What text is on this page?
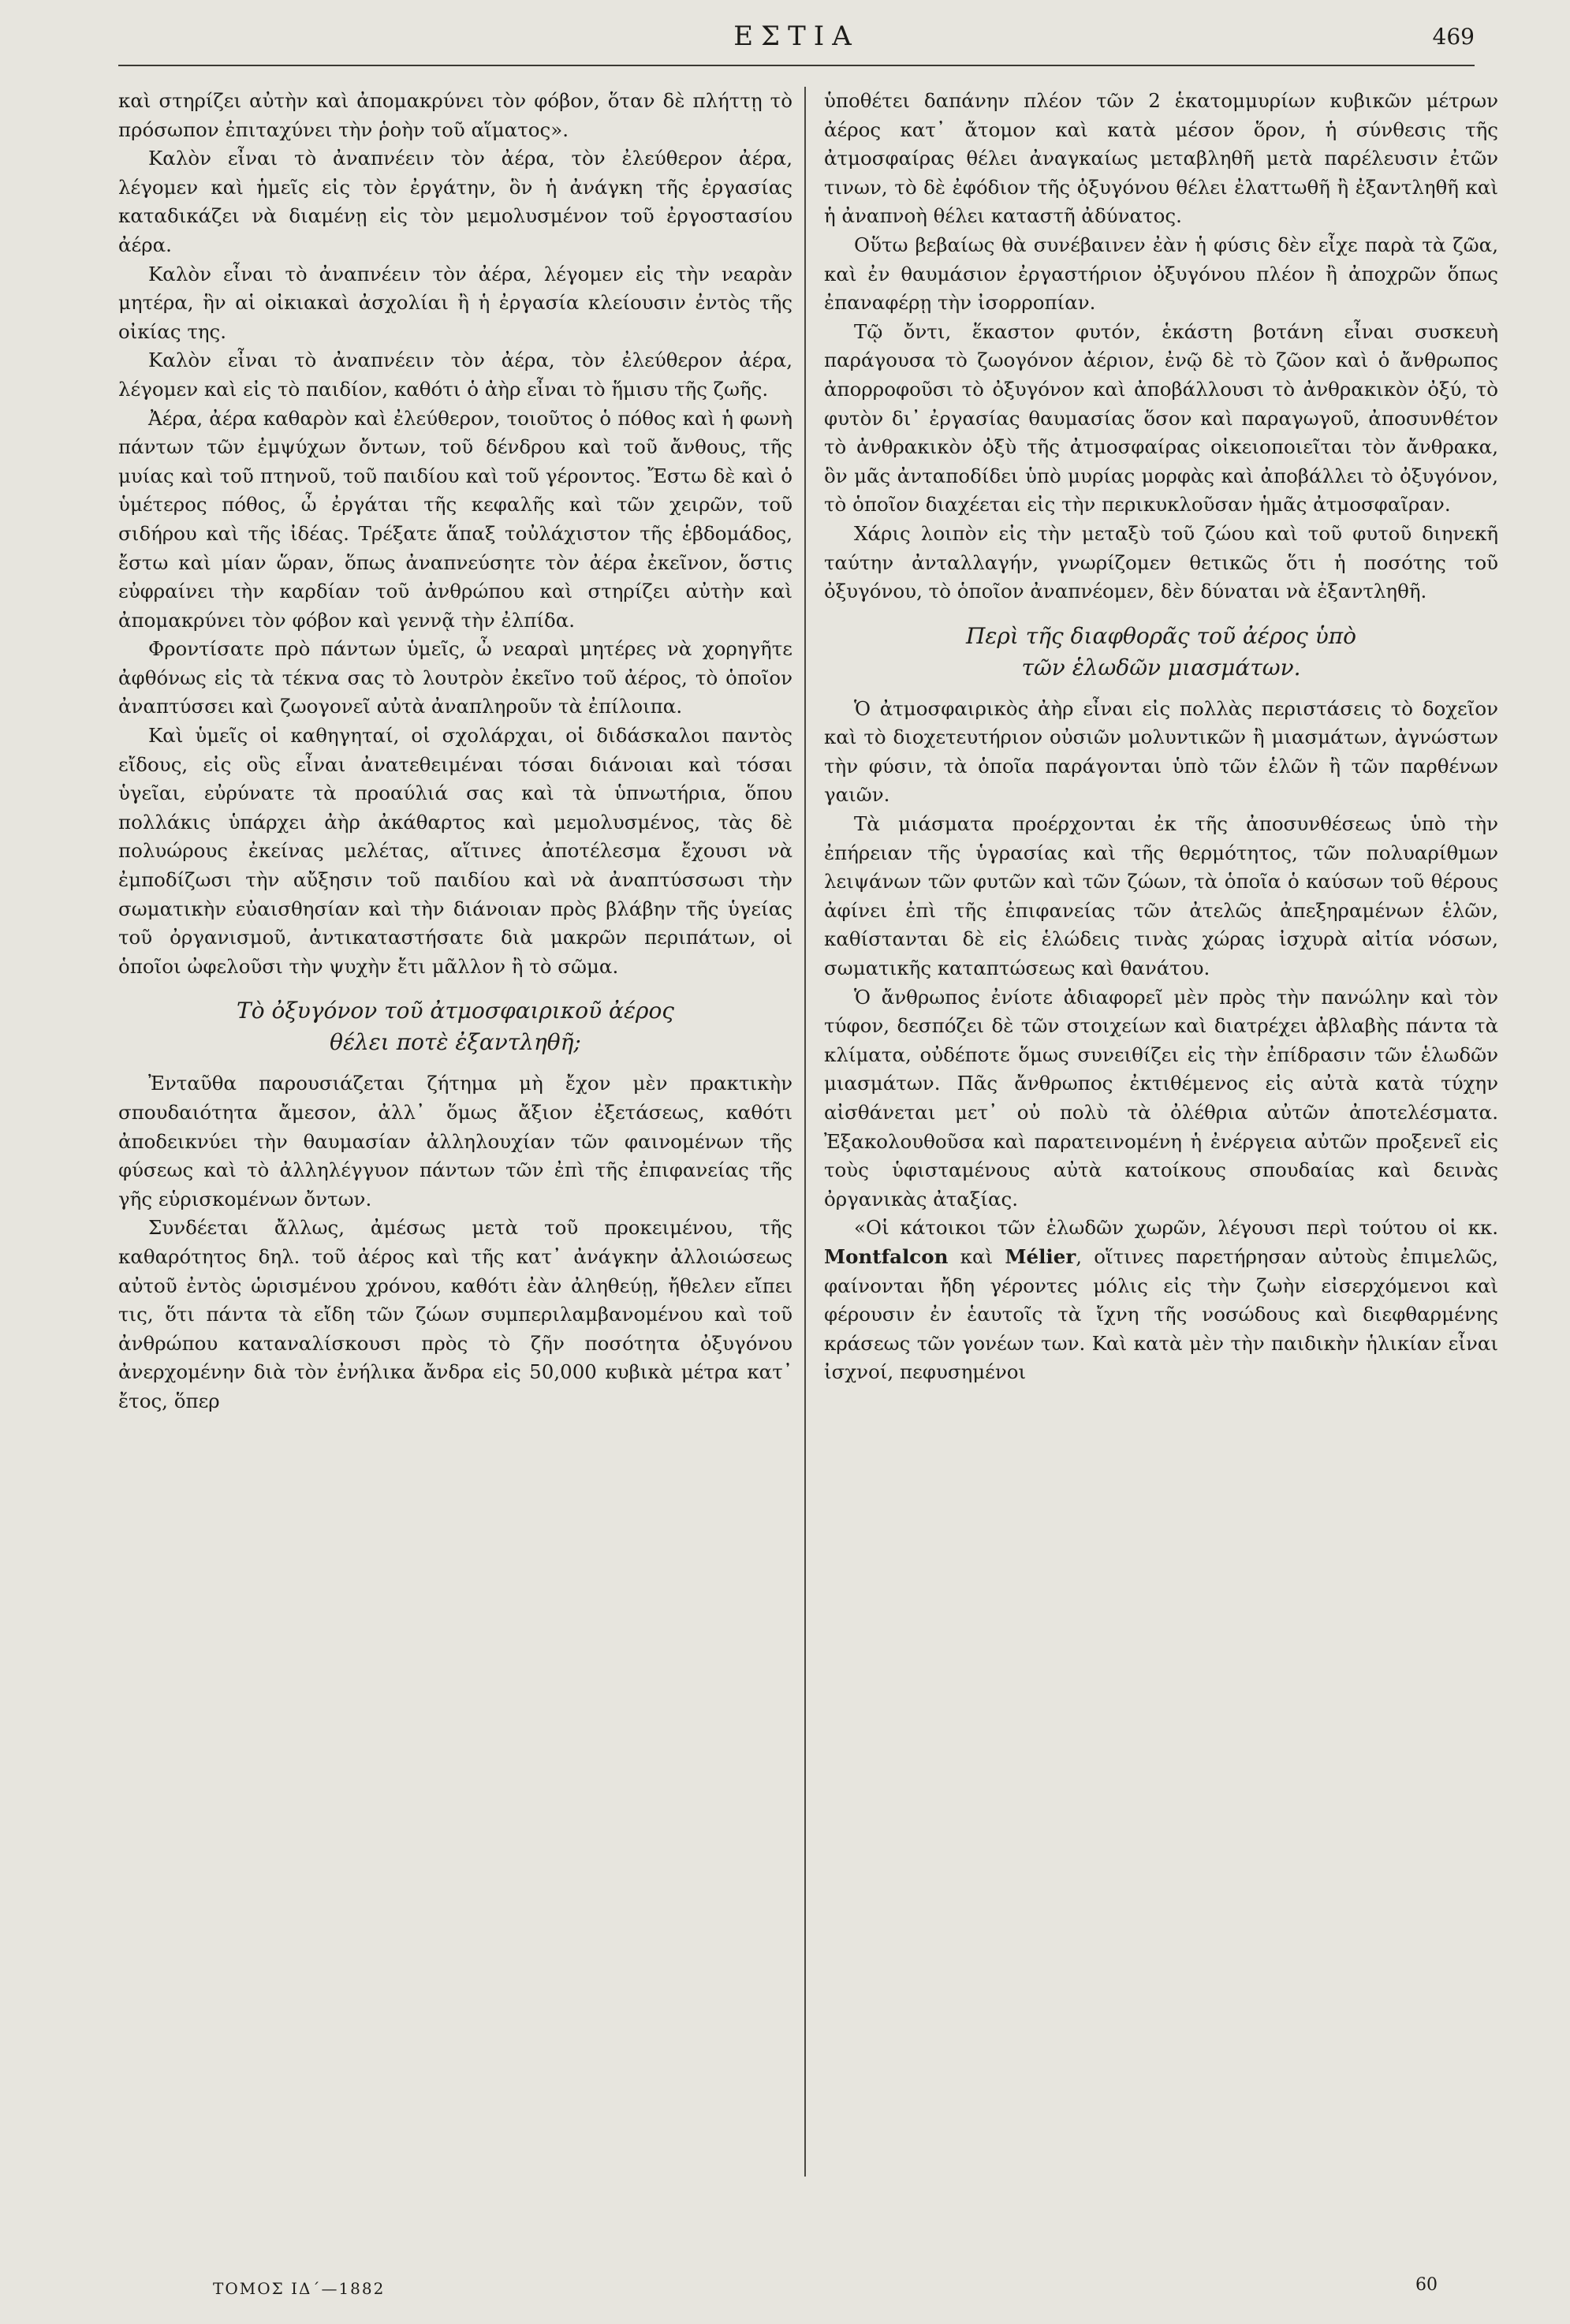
ΕΣΤΙΑ	469

καὶ στηρίζει αὐτὴν καὶ ἀπομακρύνει τὸν φόβον, ὅταν δὲ πλήττῃ τὸ πρόσωπον ἐπιταχύνει τὴν ῥοὴν τοῦ αἵματος».

Καλὸν εἶναι τὸ ἀναπνέειν τὸν ἀέρα, τὸν ἐλεύθερον ἀέρα, λέγομεν καὶ ἡμεῖς εἰς τὸν ἐργάτην, ὃν ἡ ἀνάγκη τῆς ἐργασίας καταδικάζει νὰ διαμένῃ εἰς τὸν μεμολυσμένον τοῦ ἐργοστασίου ἀέρα.

Καλὸν εἶναι τὸ ἀναπνέειν τὸν ἀέρα, λέγομεν εἰς τὴν νεαρὰν μητέρα, ἣν αἱ οἰκιακαὶ ἀσχολίαι ἢ ἡ ἐργασία κλείουσιν ἐντὸς τῆς οἰκίας της.

Καλὸν εἶναι τὸ ἀναπνέειν τὸν ἀέρα, τὸν ἐλεύθερον ἀέρα, λέγομεν καὶ εἰς τὸ παιδίον, καθότι ὁ ἀὴρ εἶναι τὸ ἥμισυ τῆς ζωῆς.

Ἀέρα, ἀέρα καθαρὸν καὶ ἐλεύθερον, τοιοῦτος ὁ πόθος καὶ ἡ φωνὴ πάντων τῶν ἐμψύχων ὄντων, τοῦ δένδρου καὶ τοῦ ἄνθους, τῆς μυίας καὶ τοῦ πτηνοῦ, τοῦ παιδίου καὶ τοῦ γέροντος. Ἔστω δὲ καὶ ὁ ὑμέτερος πόθος, ὦ ἐργάται τῆς κεφαλῆς καὶ τῶν χειρῶν, τοῦ σιδήρου καὶ τῆς ἰδέας. Τρέξατε ἅπαξ τοὐλάχιστον τῆς ἑβδομάδος, ἔστω καὶ μίαν ὥραν, ὅπως ἀναπνεύσητε τὸν ἀέρα ἐκεῖνον, ὅστις εὐφραίνει τὴν καρδίαν τοῦ ἀνθρώπου καὶ στηρίζει αὐτὴν καὶ ἀπομακρύνει τὸν φόβον καὶ γεννᾷ τὴν ἐλπίδα.

Φροντίσατε πρὸ πάντων ὑμεῖς, ὦ νεαραὶ μητέρες νὰ χορηγῆτε ἀφθόνως εἰς τὰ τέκνα σας τὸ λουτρὸν ἐκεῖνο τοῦ ἀέρος, τὸ ὁποῖον ἀναπτύσσει καὶ ζωογονεῖ αὐτὰ ἀναπληροῦν τὰ ἐπίλοιπα.

Καὶ ὑμεῖς οἱ καθηγηταί, οἱ σχολάρχαι, οἱ διδάσκαλοι παντὸς εἴδους, εἰς οὓς εἶναι ἀνατεθειμέναι τόσαι διάνοιαι καὶ τόσαι ὑγεῖαι, εὐρύνατε τὰ προαύλιά σας καὶ τὰ ὑπνωτήρια, ὅπου πολλάκις ὑπάρχει ἀὴρ ἀκάθαρτος καὶ μεμολυσμένος, τὰς δὲ πολυώρους ἐκείνας μελέτας, αἵτινες ἀποτέλεσμα ἔχουσι νὰ ἐμποδίζωσι τὴν αὔξησιν τοῦ παιδίου καὶ νὰ ἀναπτύσσωσι τὴν σωματικὴν εὐαισθησίαν καὶ τὴν διάνοιαν πρὸς βλάβην τῆς ὑγείας τοῦ ὀργανισμοῦ, ἀντικαταστήσατε διὰ μακρῶν περιπάτων, οἱ ὁποῖοι ὠφελοῦσι τὴν ψυχὴν ἔτι μᾶλλον ἢ τὸ σῶμα.

Τὸ ὀξυγόνον τοῦ ἀτμοσφαιρικοῦ ἀέρος
θέλει ποτὲ ἐξαντληθῆ;

Ἐνταῦθα παρουσιάζεται ζήτημα μὴ ἔχον μὲν πρακτικὴν σπουδαιότητα ἄμεσον, ἀλλ᾽ ὅμως ἄξιον ἐξετάσεως, καθότι ἀποδεικνύει τὴν θαυμασίαν ἀλληλουχίαν τῶν φαινομένων τῆς φύσεως καὶ τὸ ἀλληλέγγυον πάντων τῶν ἐπὶ τῆς ἐπιφανείας τῆς γῆς εὑρισκομένων ὄντων.

Συνδέεται ἄλλως, ἀμέσως μετὰ τοῦ προκειμένου, τῆς καθαρότητος δηλ. τοῦ ἀέρος καὶ τῆς κατ᾽ ἀνάγκην ἀλλοιώσεως αὐτοῦ ἐντὸς ὡρισμένου χρόνου, καθότι ἐὰν ἀληθεύῃ, ἤθελεν εἴπει τις, ὅτι πάντα τὰ εἴδη τῶν ζώων συμπεριλαμβανομένου καὶ τοῦ ἀνθρώπου καταναλίσκουσι πρὸς τὸ ζῆν ποσότητα ὀξυγόνου ἀνερχομένην διὰ τὸν ἐνήλικα ἄνδρα εἰς 50,000 κυβικὰ μέτρα κατ᾽ ἔτος, ὅπερ

ὑποθέτει δαπάνην πλέον τῶν 2 ἑκατομμυρίων κυβικῶν μέτρων ἀέρος κατ᾽ ἄτομον καὶ κατὰ μέσον ὅρον, ἡ σύνθεσις τῆς ἀτμοσφαίρας θέλει ἀναγκαίως μεταβληθῆ μετὰ παρέλευσιν ἐτῶν τινων, τὸ δὲ ἐφόδιον τῆς ὀξυγόνου θέλει ἐλαττωθῆ ἢ ἐξαντληθῆ καὶ ἡ ἀναπνοὴ θέλει καταστῆ ἀδύνατος.

Οὕτω βεβαίως θὰ συνέβαινεν ἐὰν ἡ φύσις δὲν εἶχε παρὰ τὰ ζῶα, καὶ ἐν θαυμάσιον ἐργαστήριον ὀξυγόνου πλέον ἢ ἀποχρῶν ὅπως ἐπαναφέρῃ τὴν ἰσορροπίαν.

Τῷ ὄντι, ἕκαστον φυτόν, ἑκάστη βοτάνη εἶναι συσκευὴ παράγουσα τὸ ζωογόνον ἀέριον, ἐνῷ δὲ τὸ ζῶον καὶ ὁ ἄνθρωπος ἀπορροφοῦσι τὸ ὀξυγόνον καὶ ἀποβάλλουσι τὸ ἀνθρακικὸν ὀξύ, τὸ φυτὸν δι᾽ ἐργασίας θαυμασίας ὅσον καὶ παραγωγοῦ, ἀποσυνθέτον τὸ ἀνθρακικὸν ὀξὺ τῆς ἀτμοσφαίρας οἰκειοποιεῖται τὸν ἄνθρακα, ὃν μᾶς ἀνταποδίδει ὑπὸ μυρίας μορφὰς καὶ ἀποβάλλει τὸ ὀξυγόνον, τὸ ὁποῖον διαχέεται εἰς τὴν περικυκλοῦσαν ἡμᾶς ἀτμοσφαῖραν.

Χάρις λοιπὸν εἰς τὴν μεταξὺ τοῦ ζώου καὶ τοῦ φυτοῦ διηνεκῆ ταύτην ἀνταλλαγήν, γνωρίζομεν θετικῶς ὅτι ἡ ποσότης τοῦ ὀξυγόνου, τὸ ὁποῖον ἀναπνέομεν, δὲν δύναται νὰ ἐξαντληθῆ.

Περὶ τῆς διαφθορᾶς τοῦ ἀέρος ὑπὸ
τῶν ἑλωδῶν μιασμάτων.

Ὁ ἀτμοσφαιρικὸς ἀὴρ εἶναι εἰς πολλὰς περιστάσεις τὸ δοχεῖον καὶ τὸ διοχετευτήριον οὐσιῶν μολυντικῶν ἢ μιασμάτων, ἀγνώστων τὴν φύσιν, τὰ ὁποῖα παράγονται ὑπὸ τῶν ἑλῶν ἢ τῶν παρθένων γαιῶν.

Τὰ μιάσματα προέρχονται ἐκ τῆς ἀποσυνθέσεως ὑπὸ τὴν ἐπήρειαν τῆς ὑγρασίας καὶ τῆς θερμότητος, τῶν πολυαρίθμων λειψάνων τῶν φυτῶν καὶ τῶν ζώων, τὰ ὁποῖα ὁ καύσων τοῦ θέρους ἀφίνει ἐπὶ τῆς ἐπιφανείας τῶν ἀτελῶς ἀπεξηραμένων ἑλῶν, καθίστανται δὲ εἰς ἑλώδεις τινὰς χώρας ἰσχυρὰ αἰτία νόσων, σωματικῆς καταπτώσεως καὶ θανάτου.

Ὁ ἄνθρωπος ἐνίοτε ἀδιαφορεῖ μὲν πρὸς τὴν πανώλην καὶ τὸν τύφον, δεσπόζει δὲ τῶν στοιχείων καὶ διατρέχει ἀβλαβὴς πάντα τὰ κλίματα, οὐδέποτε ὅμως συνειθίζει εἰς τὴν ἐπίδρασιν τῶν ἑλωδῶν μιασμάτων. Πᾶς ἄνθρωπος ἐκτιθέμενος εἰς αὐτὰ κατὰ τύχην αἰσθάνεται μετ᾽ οὐ πολὺ τὰ ὀλέθρια αὐτῶν ἀποτελέσματα. Ἐξακολουθοῦσα καὶ παρατεινομένη ἡ ἐνέργεια αὐτῶν προξενεῖ εἰς τοὺς ὑφισταμένους αὐτὰ κατοίκους σπουδαίας καὶ δεινὰς ὀργανικὰς ἀταξίας.

«Οἱ κάτοικοι τῶν ἑλωδῶν χωρῶν, λέγουσι περὶ τούτου οἱ κκ. Montfalcon καὶ Mélier, οἵτινες παρετήρησαν αὐτοὺς ἐπιμελῶς, φαίνονται ἤδη γέροντες μόλις εἰς τὴν ζωὴν εἰσερχόμενοι καὶ φέρουσιν ἐν ἑαυτοῖς τὰ ἴχνη τῆς νοσώδους καὶ διεφθαρμένης κράσεως τῶν γονέων των. Καὶ κατὰ μὲν τὴν παιδικὴν ἡλικίαν εἶναι ἰσχνοί, πεφυσημένοι

ΤΟΜΟΣ ΙΔ΄—1882	60
